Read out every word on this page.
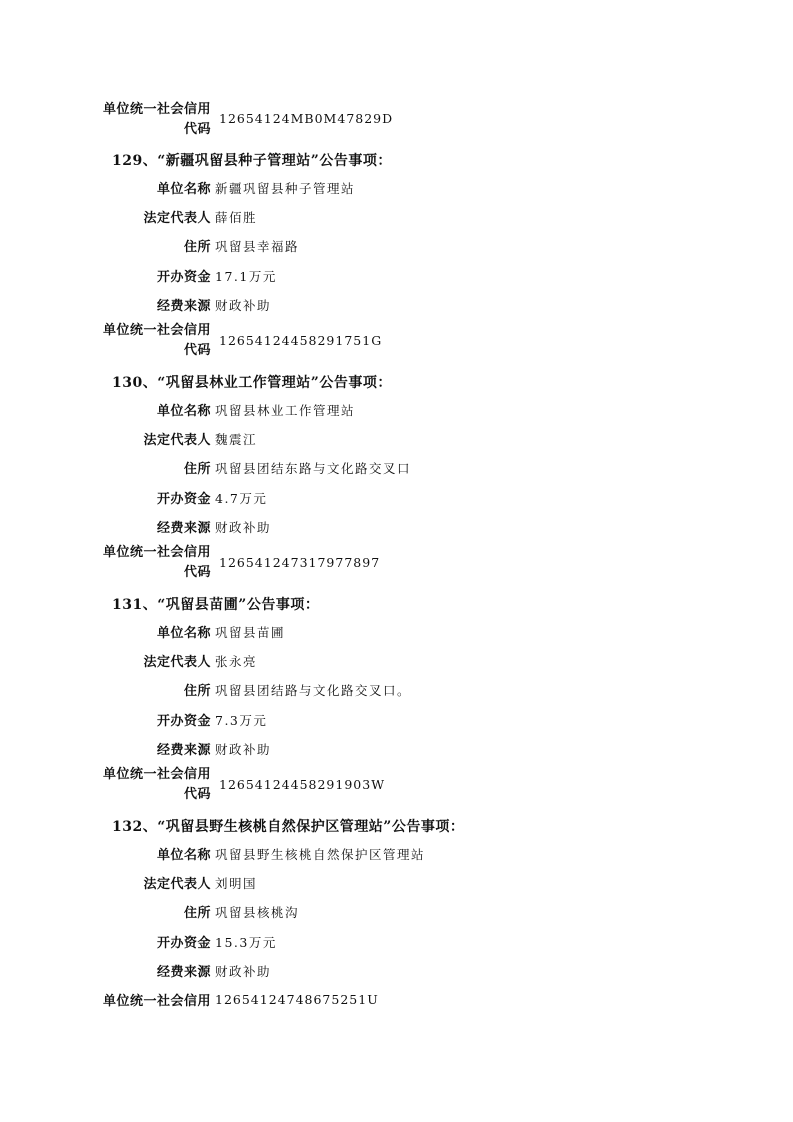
单位统一社会信用
代码
12654124MB0M47829D
129、“新疆巩留县种子管理站”公告事项：
单位名称 新疆巩留县种子管理站
法定代表人 薛佰胜
住所 巩留县幸福路
开办资金 17.1万元
经费来源 财政补助
单位统一社会信用
代码
12654124458291751G
130、“巩留县林业工作管理站”公告事项：
单位名称 巩留县林业工作管理站
法定代表人 魏震江
住所 巩留县团结东路与文化路交叉口
开办资金 4.7万元
经费来源 财政补助
单位统一社会信用
代码
126541247317977897
131、“巩留县苗圃”公告事项：
单位名称 巩留县苗圃
法定代表人 张永亮
住所 巩留县团结路与文化路交叉口。
开办资金 7.3万元
经费来源 财政补助
单位统一社会信用
代码
12654124458291903W
132、“巩留县野生核桃自然保护区管理站”公告事项：
单位名称 巩留县野生核桃自然保护区管理站
法定代表人 刘明国
住所 巩留县核桃沟
开办资金 15.3万元
经费来源 财政补助
单位统一社会信用 12654124748675251U
